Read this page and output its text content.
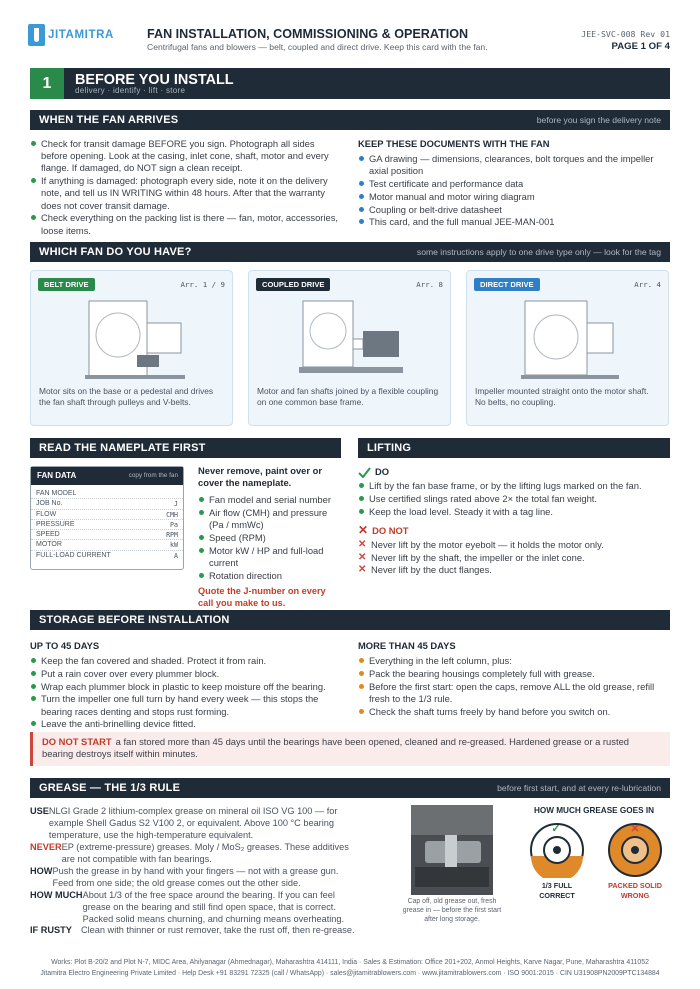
JITAMITRA	FAN INSTALLATION, COMMISSIONING & OPERATION
Centrifugal fans and blowers — belt, coupled and direct drive. Keep this card with the fan.
JEE-SVC-008 Rev 01
PAGE 1 OF 4
1	BEFORE YOU INSTALL
delivery · identify · lift · store
WHEN THE FAN ARRIVES	before you sign the delivery note
Check for transit damage BEFORE you sign. Photograph all sides before opening. Look at the casing, inlet cone, shaft, motor and every flange. If damaged, do NOT sign a clean receipt.
If anything is damaged: photograph every side, note it on the delivery note, and tell us IN WRITING within 48 hours. After that the warranty does not cover transit damage.
Check everything on the packing list is there — fan, motor, accessories, loose items.
KEEP THESE DOCUMENTS WITH THE FAN
GA drawing — dimensions, clearances, bolt torques and the impeller axial position
Test certificate and performance data
Motor manual and motor wiring diagram
Coupling or belt-drive datasheet
This card, and the full manual JEE-MAN-001
WHICH FAN DO YOU HAVE?	some instructions apply to one drive type only — look for the tag
BELT DRIVE	Arr. 1 / 9
Motor sits on the base or a pedestal and drives the fan shaft through pulleys and V-belts.
COUPLED DRIVE	Arr. 8
Motor and fan shafts joined by a flexible coupling on one common base frame.
DIRECT DRIVE	Arr. 4
Impeller mounted straight onto the motor shaft. No belts, no coupling.
READ THE NAMEPLATE FIRST
FAN DATA	copy from the fan
FAN MODEL
JOB No.	J
FLOW	CMH
PRESSURE	Pa
SPEED	RPM
MOTOR	kW
FULL-LOAD CURRENT	A
Never remove, paint over or cover the nameplate.
Fan model and serial number
Air flow (CMH) and pressure (Pa / mmWc)
Speed (RPM)
Motor kW / HP and full-load current
Rotation direction
Quote the J-number on every call you make to us.
LIFTING
DO
Lift by the fan base frame, or by the lifting lugs marked on the fan.
Use certified slings rated above 2× the total fan weight.
Keep the load level. Steady it with a tag line.
✕ DO NOT
✕ Never lift by the motor eyebolt — it holds the motor only.
✕ Never lift by the shaft, the impeller or the inlet cone.
✕ Never lift by the duct flanges.
STORAGE BEFORE INSTALLATION
UP TO 45 DAYS
Keep the fan covered and shaded. Protect it from rain.
Put a rain cover over every plummer block.
Wrap each plummer block in plastic to keep moisture off the bearing.
Turn the impeller one full turn by hand every week — this stops the bearing races denting and stops rust forming.
Leave the anti-brinelling device fitted.
MORE THAN 45 DAYS
Everything in the left column, plus:
Pack the bearing housings completely full with grease.
Before the first start: open the caps, remove ALL the old grease, refill fresh to the 1/3 rule.
Check the shaft turns freely by hand before you switch on.
DO NOT START a fan stored more than 45 days until the bearings have been opened, cleaned and re-greased. Hardened grease or a rusted bearing destroys itself within minutes.
GREASE — THE 1/3 RULE	before first start, and at every re-lubrication
USE NLGI Grade 2 lithium-complex grease on mineral oil ISO VG 100 — for example Shell Gadus S2 V100 2, or equivalent. Above 100 °C bearing temperature, use the high-temperature equivalent.
NEVER EP (extreme-pressure) greases. Moly / MoS₂ greases. These additives are not compatible with fan bearings.
HOW Push the grease in by hand with your fingers — not with a grease gun. Feed from one side; the old grease comes out the other side.
HOW MUCH About 1/3 of the free space around the bearing. If you can feel grease on the bearing and still find open space, that is correct. Packed solid means churning, and churning means overheating.
IF RUSTY Clean with thinner or rust remover, take the rust off, then re-grease.
Cap off, old grease out, fresh grease in — before the first start after long storage.
HOW MUCH GREASE GOES IN
✓
1/3 FULL
CORRECT
✕
PACKED SOLID
WRONG
Works: Plot B-20/2 and Plot N-7, MIDC Area, Ahilyanagar (Ahmednagar), Maharashtra 414111, India · Sales & Estimation: Office 201+202, Anmol Heights, Karve Nagar, Pune, Maharashtra 411052
Jitamitra Electro Engineering Private Limited · Help Desk +91 83291 72325 (call / WhatsApp) · sales@jitamitrablowers.com · www.jitamitrablowers.com · ISO 9001:2015 · CIN U31908PN2009PTC134884
